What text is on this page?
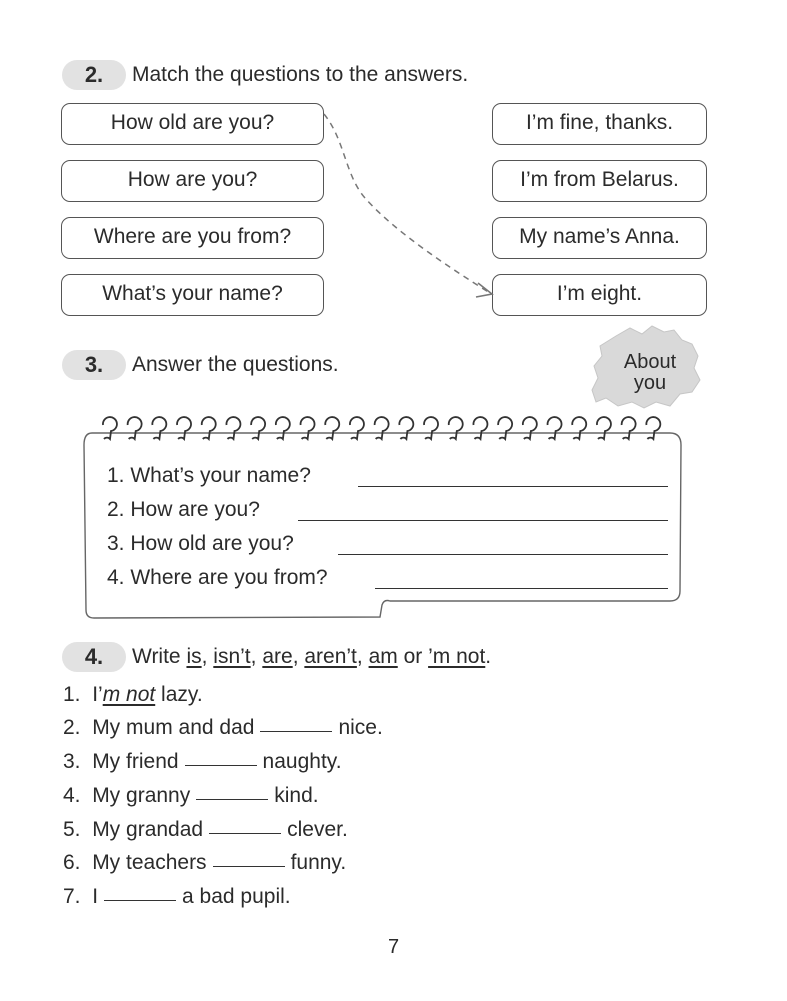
2.	Match the questions to the answers.
How old are you?
How are you?
Where are you from?
What’s your name?
I’m fine, thanks.
I’m from Belarus.
My name’s Anna.
I’m eight.
3.	Answer the questions.	About you
1. What’s your name?
2. How are you?
3. How old are you?
4. Where are you from?
4.	Write is, isn’t, are, aren’t, am or ’m not.
1. I’m not lazy.
2. My mum and dad	nice.
3. My friend	naughty.
4. My granny	kind.
5. My grandad	clever.
6. My teachers	funny.
7. I	a bad pupil.
7
